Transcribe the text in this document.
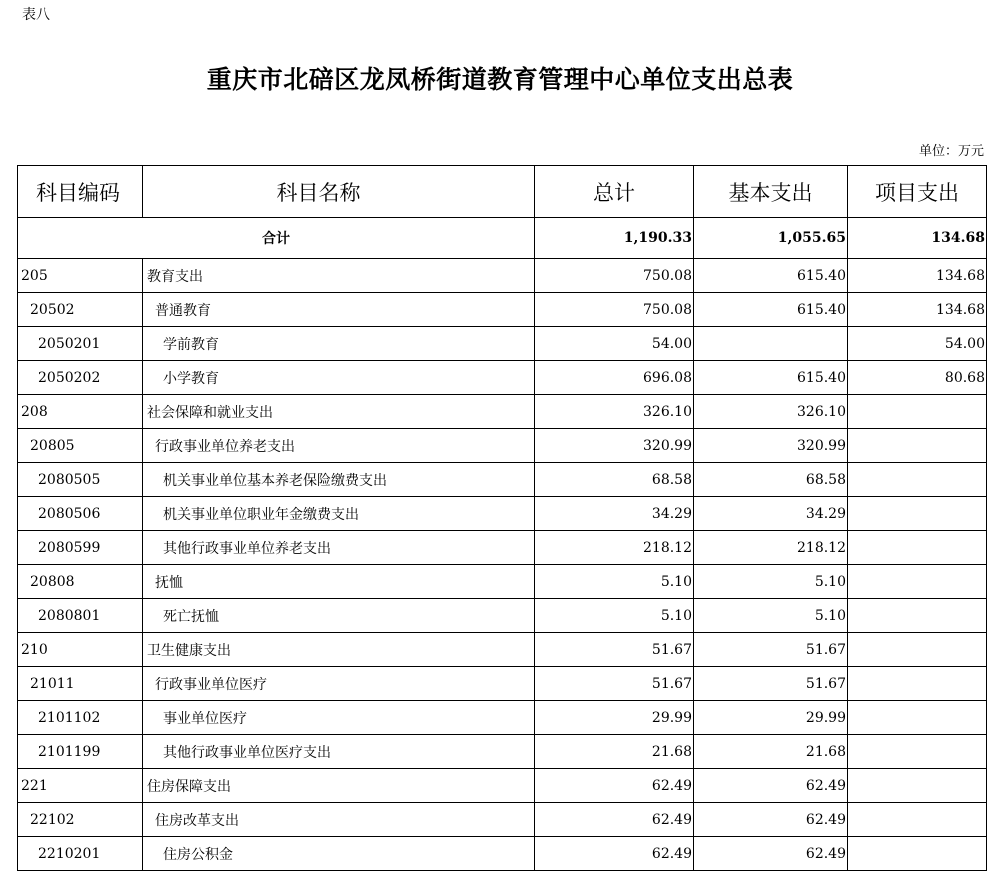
表八
重庆市北碚区龙凤桥街道教育管理中心单位支出总表
单位：万元
科目编码	科目名称	总计	基本支出	项目支出
合计		1,190.33	1,055.65	134.68
205	教育支出	750.08	615.40	134.68
20502	普通教育	750.08	615.40	134.68
2050201	学前教育	54.00		54.00
2050202	小学教育	696.08	615.40	80.68
208	社会保障和就业支出	326.10	326.10	
20805	行政事业单位养老支出	320.99	320.99	
2080505	机关事业单位基本养老保险缴费支出	68.58	68.58	
2080506	机关事业单位职业年金缴费支出	34.29	34.29	
2080599	其他行政事业单位养老支出	218.12	218.12	
20808	抚恤	5.10	5.10	
2080801	死亡抚恤	5.10	5.10	
210	卫生健康支出	51.67	51.67	
21011	行政事业单位医疗	51.67	51.67	
2101102	事业单位医疗	29.99	29.99	
2101199	其他行政事业单位医疗支出	21.68	21.68	
221	住房保障支出	62.49	62.49	
22102	住房改革支出	62.49	62.49	
2210201	住房公积金	62.49	62.49	
